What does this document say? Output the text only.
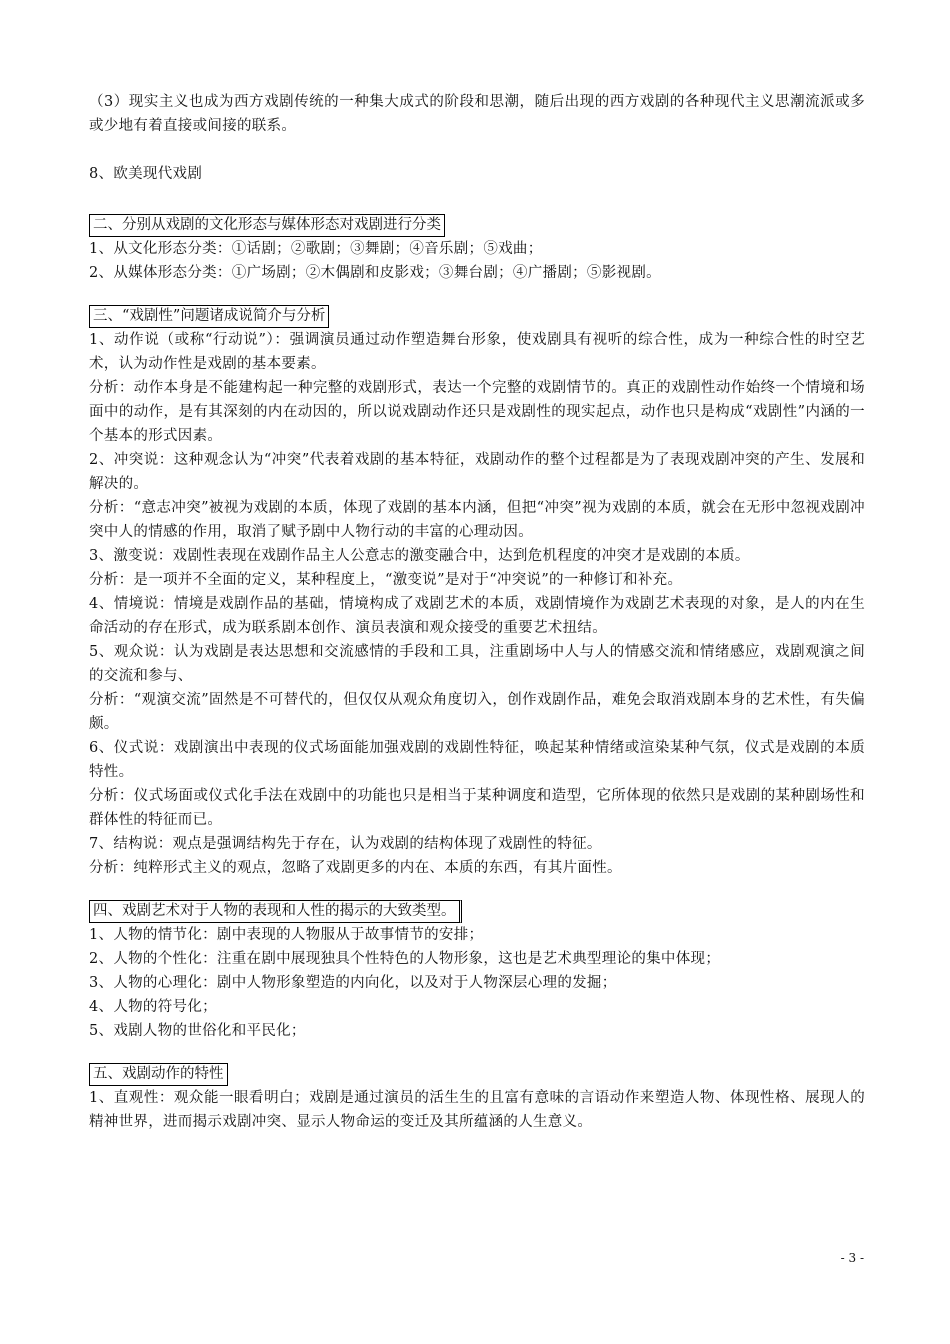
（3）现实主义也成为西方戏剧传统的一种集大成式的阶段和思潮，随后出现的西方戏剧的各种现代主义思潮流派或多或少地有着直接或间接的联系。

8、欧美现代戏剧

二、分别从戏剧的文化形态与媒体形态对戏剧进行分类

1、从文化形态分类：①话剧；②歌剧；③舞剧；④音乐剧；⑤戏曲；

2、从媒体形态分类：①广场剧；②木偶剧和皮影戏；③舞台剧；④广播剧；⑤影视剧。

三、“戏剧性”问题诸成说简介与分析

1、动作说（或称“行动说”）：强调演员通过动作塑造舞台形象，使戏剧具有视听的综合性，成为一种综合性的时空艺术，认为动作性是戏剧的基本要素。

分析：动作本身是不能建构起一种完整的戏剧形式，表达一个完整的戏剧情节的。真正的戏剧性动作始终一个情境和场面中的动作，是有其深刻的内在动因的，所以说戏剧动作还只是戏剧性的现实起点，动作也只是构成“戏剧性”内涵的一个基本的形式因素。

2、冲突说：这种观念认为“冲突”代表着戏剧的基本特征，戏剧动作的整个过程都是为了表现戏剧冲突的产生、发展和解决的。

分析：“意志冲突”被视为戏剧的本质，体现了戏剧的基本内涵，但把“冲突”视为戏剧的本质，就会在无形中忽视戏剧冲突中人的情感的作用，取消了赋予剧中人物行动的丰富的心理动因。

3、激变说：戏剧性表现在戏剧作品主人公意志的激变融合中，达到危机程度的冲突才是戏剧的本质。

分析：是一项并不全面的定义，某种程度上，“激变说”是对于“冲突说”的一种修订和补充。

4、情境说：情境是戏剧作品的基础，情境构成了戏剧艺术的本质，戏剧情境作为戏剧艺术表现的对象，是人的内在生命活动的存在形式，成为联系剧本创作、演员表演和观众接受的重要艺术扭结。

5、观众说：认为戏剧是表达思想和交流感情的手段和工具，注重剧场中人与人的情感交流和情绪感应，戏剧观演之间的交流和参与、

分析：“观演交流”固然是不可替代的，但仅仅从观众角度切入，创作戏剧作品，难免会取消戏剧本身的艺术性，有失偏颇。

6、仪式说：戏剧演出中表现的仪式场面能加强戏剧的戏剧性特征，唤起某种情绪或渲染某种气氛，仪式是戏剧的本质特性。

分析：仪式场面或仪式化手法在戏剧中的功能也只是相当于某种调度和造型，它所体现的依然只是戏剧的某种剧场性和群体性的特征而已。

7、结构说：观点是强调结构先于存在，认为戏剧的结构体现了戏剧性的特征。

分析：纯粹形式主义的观点，忽略了戏剧更多的内在、本质的东西，有其片面性。

四、戏剧艺术对于人物的表现和人性的揭示的大致类型。

1、人物的情节化：剧中表现的人物服从于故事情节的安排；

2、人物的个性化：注重在剧中展现独具个性特色的人物形象，这也是艺术典型理论的集中体现；

3、人物的心理化：剧中人物形象塑造的内向化，以及对于人物深层心理的发掘；

4、人物的符号化；

5、戏剧人物的世俗化和平民化；

五、戏剧动作的特性

1、直观性：观众能一眼看明白；戏剧是通过演员的活生生的且富有意味的言语动作来塑造人物、体现性格、展现人的精神世界，进而揭示戏剧冲突、显示人物命运的变迁及其所蕴涵的人生意义。

- 3 -
